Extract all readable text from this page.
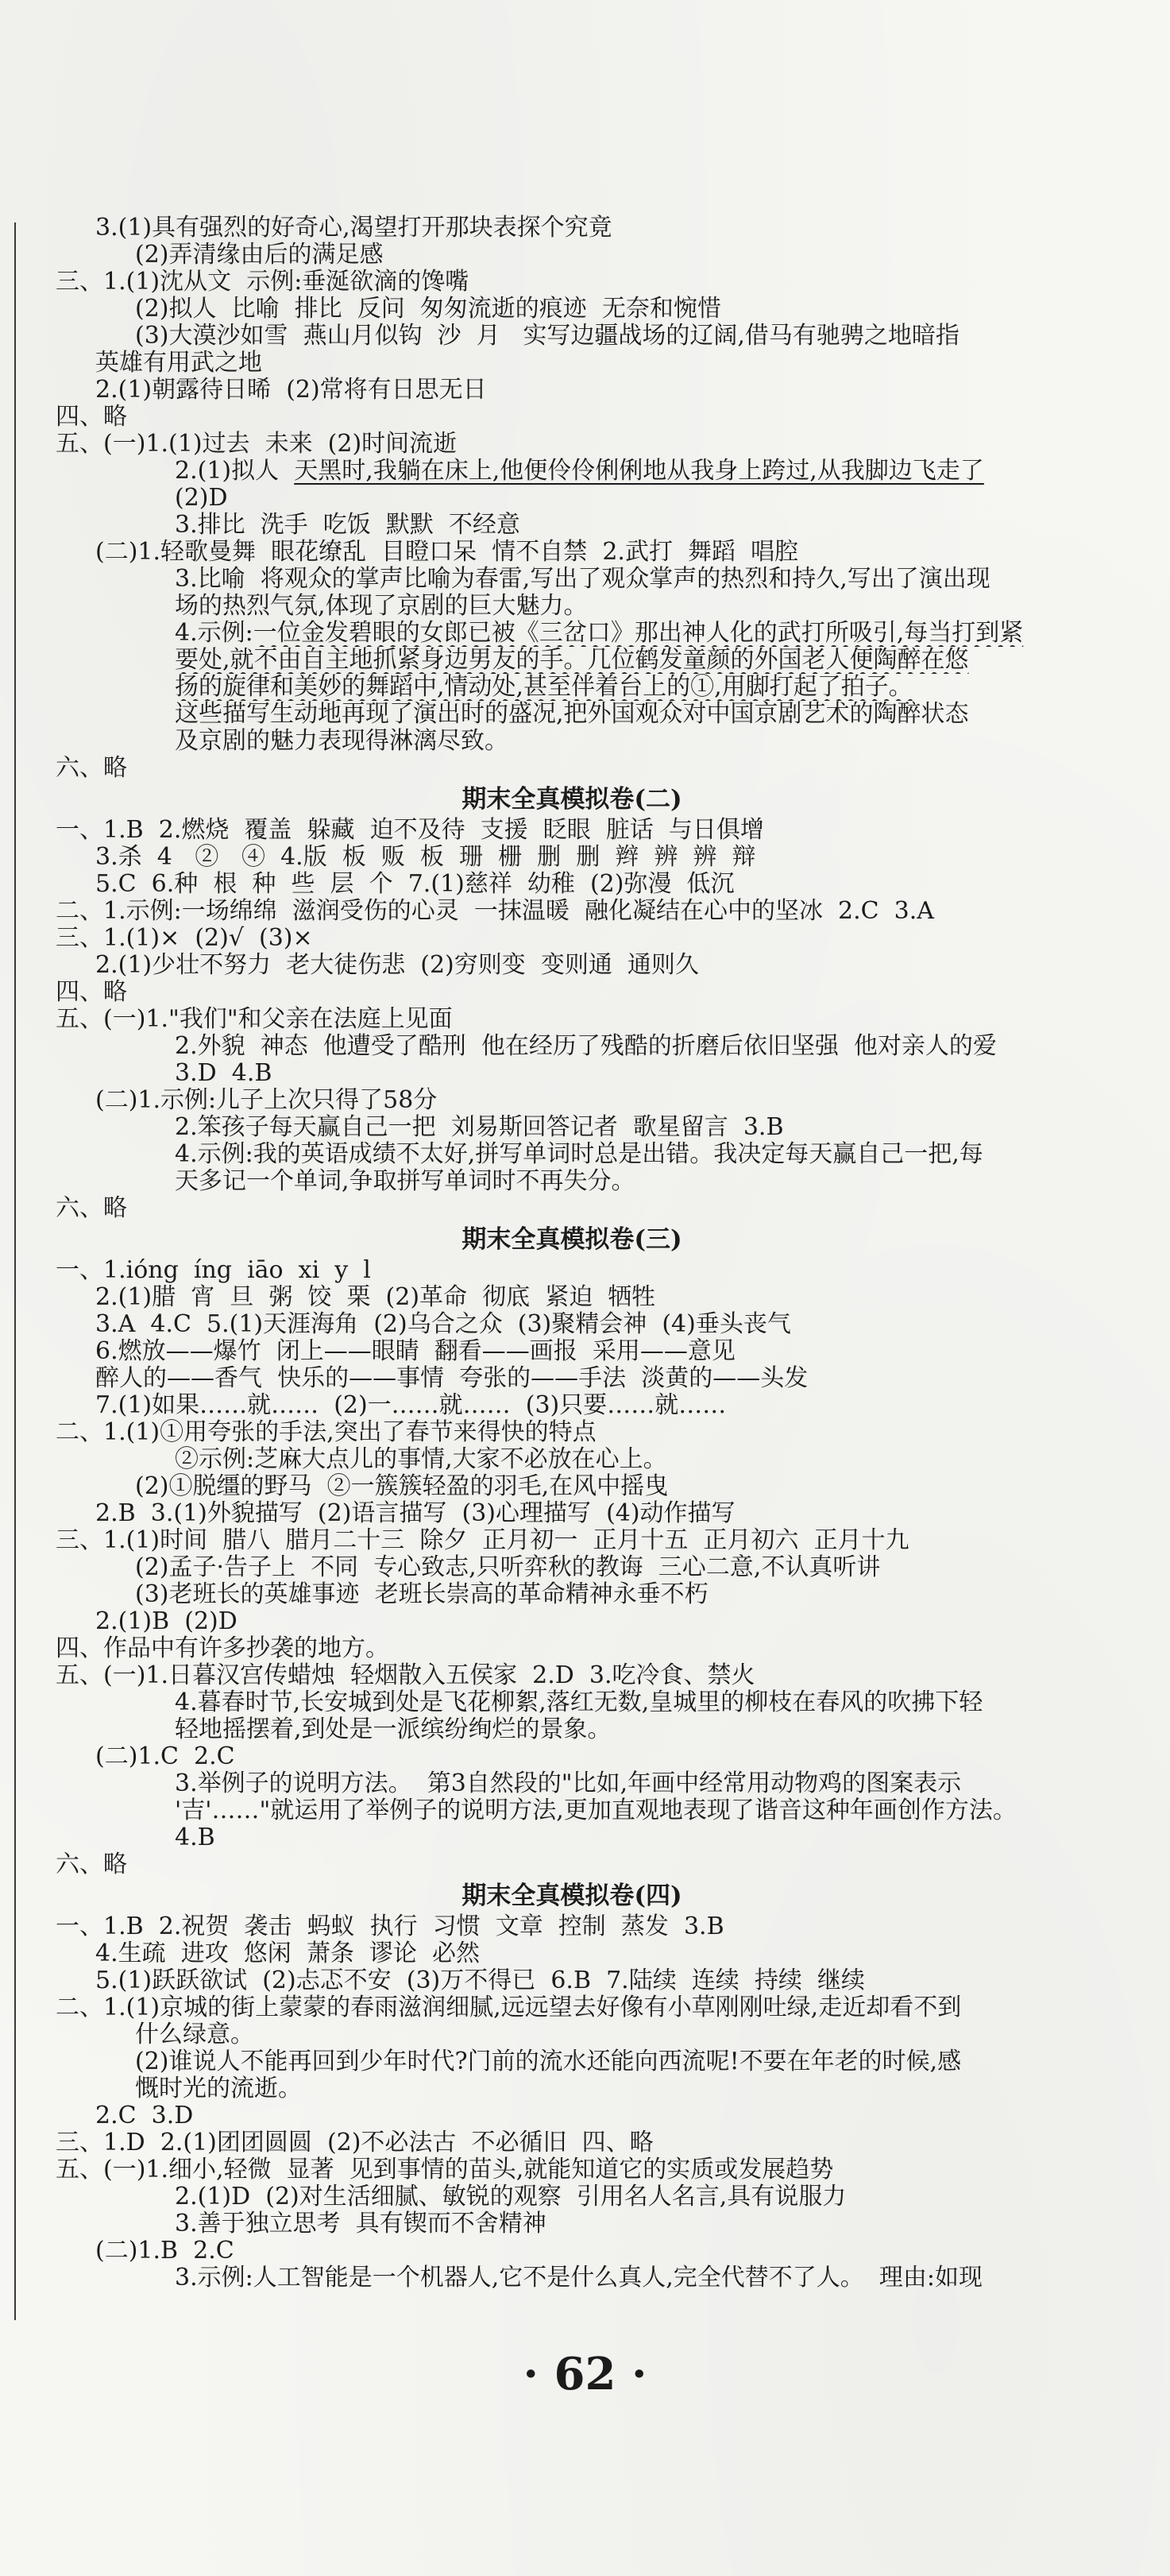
3.(1)具有强烈的好奇心,渴望打开那块表探个究竟
(2)弄清缘由后的满足感
三、1.(1)沈从文  示例:垂涎欲滴的馋嘴
(2)拟人  比喻  排比  反问  匆匆流逝的痕迹  无奈和惋惜
(3)大漠沙如雪  燕山月似钩  沙  月   实写边疆战场的辽阔,借马有驰骋之地暗指
英雄有用武之地
2.(1)朝露待日晞  (2)常将有日思无日
四、略
五、(一)1.(1)过去  未来  (2)时间流逝
2.(1)拟人  天黑时,我躺在床上,他便伶伶俐俐地从我身上跨过,从我脚边飞走了
(2)D
3.排比  洗手  吃饭  默默  不经意
(二)1.轻歌曼舞  眼花缭乱  目瞪口呆  情不自禁  2.武打  舞蹈  唱腔
3.比喻  将观众的掌声比喻为春雷,写出了观众掌声的热烈和持久,写出了演出现
场的热烈气氛,体现了京剧的巨大魅力。
4.示例:一位金发碧眼的女郎已被《三岔口》那出神人化的武打所吸引,每当打到紧
要处,就不由自主地抓紧身边男友的手。几位鹤发童颜的外国老人便陶醉在悠
扬的旋律和美妙的舞蹈中,情动处,甚至伴着台上的①,用脚打起了拍子。
这些描写生动地再现了演出时的盛况,把外国观众对中国京剧艺术的陶醉状态
及京剧的魅力表现得淋漓尽致。
六、略
期末全真模拟卷(二)
一、1.B  2.燃烧  覆盖  躲藏  迫不及待  支援  眨眼  脏话  与日俱增
3.杀  4   ②   ④  4.版  板  贩  板  珊  栅  删  删  辫  辨  辨  辩
5.C  6.种  根  种  些  层  个  7.(1)慈祥  幼稚  (2)弥漫  低沉
二、1.示例:一场绵绵  滋润受伤的心灵  一抹温暖  融化凝结在心中的坚冰  2.C  3.A
三、1.(1)×  (2)√  (3)×
2.(1)少壮不努力  老大徒伤悲  (2)穷则变  变则通  通则久
四、略
五、(一)1."我们"和父亲在法庭上见面
2.外貌  神态  他遭受了酷刑  他在经历了残酷的折磨后依旧坚强  他对亲人的爱
3.D  4.B
(二)1.示例:儿子上次只得了58分
2.笨孩子每天赢自己一把  刘易斯回答记者  歌星留言  3.B
4.示例:我的英语成绩不太好,拼写单词时总是出错。我决定每天赢自己一把,每
天多记一个单词,争取拼写单词时不再失分。
六、略
期末全真模拟卷(三)
一、1.ióng  íng  iāo  xi  y  l
2.(1)腊  宵  旦  粥  饺  栗  (2)革命  彻底  紧迫  牺牲
3.A  4.C  5.(1)天涯海角  (2)乌合之众  (3)聚精会神  (4)垂头丧气
6.燃放——爆竹  闭上——眼睛  翻看——画报  采用——意见
醉人的——香气  快乐的——事情  夸张的——手法  淡黄的——头发
7.(1)如果……就……  (2)一……就……  (3)只要……就……
二、1.(1)①用夸张的手法,突出了春节来得快的特点
②示例:芝麻大点儿的事情,大家不必放在心上。
(2)①脱缰的野马  ②一簇簇轻盈的羽毛,在风中摇曳
2.B  3.(1)外貌描写  (2)语言描写  (3)心理描写  (4)动作描写
三、1.(1)时间  腊八  腊月二十三  除夕  正月初一  正月十五  正月初六  正月十九
(2)孟子·告子上  不同  专心致志,只听弈秋的教诲  三心二意,不认真听讲
(3)老班长的英雄事迹  老班长崇高的革命精神永垂不朽
2.(1)B  (2)D
四、作品中有许多抄袭的地方。
五、(一)1.日暮汉宫传蜡烛  轻烟散入五侯家  2.D  3.吃冷食、禁火
4.暮春时节,长安城到处是飞花柳絮,落红无数,皇城里的柳枝在春风的吹拂下轻
轻地摇摆着,到处是一派缤纷绚烂的景象。
(二)1.C  2.C
3.举例子的说明方法。  第3自然段的"比如,年画中经常用动物鸡的图案表示
'吉'……"就运用了举例子的说明方法,更加直观地表现了谐音这种年画创作方法。
4.B
六、略
期末全真模拟卷(四)
一、1.B  2.祝贺  袭击  蚂蚁  执行  习惯  文章  控制  蒸发  3.B
4.生疏  进攻  悠闲  萧条  谬论  必然
5.(1)跃跃欲试  (2)忐忑不安  (3)万不得已  6.B  7.陆续  连续  持续  继续
二、1.(1)京城的街上蒙蒙的春雨滋润细腻,远远望去好像有小草刚刚吐绿,走近却看不到
什么绿意。
(2)谁说人不能再回到少年时代?门前的流水还能向西流呢!不要在年老的时候,感
慨时光的流逝。
2.C  3.D
三、1.D  2.(1)团团圆圆  (2)不必法古  不必循旧  四、略
五、(一)1.细小,轻微  显著  见到事情的苗头,就能知道它的实质或发展趋势
2.(1)D  (2)对生活细腻、敏锐的观察  引用名人名言,具有说服力
3.善于独立思考  具有锲而不舍精神
(二)1.B  2.C
3.示例:人工智能是一个机器人,它不是什么真人,完全代替不了人。  理由:如现
· 62 ·
